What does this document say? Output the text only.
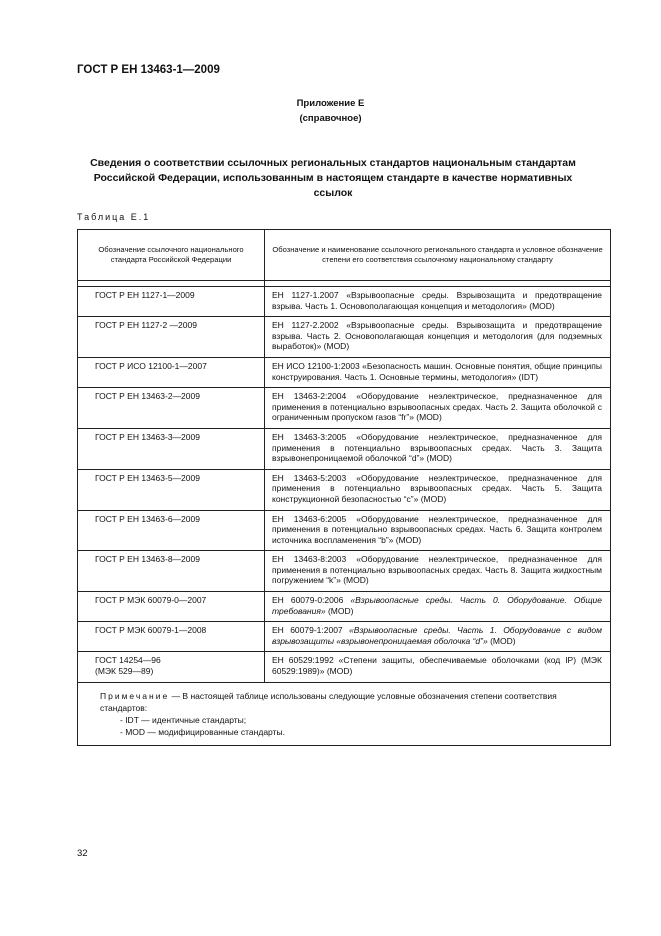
ГОСТ Р ЕН 13463-1—2009
Приложение Е
(справочное)
Сведения о соответствии ссылочных региональных стандартов национальным стандартам Российской Федерации, использованным в настоящем стандарте в качестве нормативных ссылок
Таблица Е.1
Обозначение ссылочного национального стандарта Российской Федерации	Обозначение и наименование ссылочного регионального стандарта и условное обозначение степени его соответствия ссылочному национальному стандарту

ГОСТ Р ЕН 1127-1—2009	ЕН 1127-1.2007 «Взрывоопасные среды. Взрывозащита и предотвращение взрыва. Часть 1. Основополагающая концепция и методология» (MOD)
ГОСТ Р ЕН 1127-2 —2009	ЕН 1127-2.2002 «Взрывоопасные среды. Взрывозащита и предотвращение взрыва. Часть 2. Основополагающая концепция и методология (для подземных выработок)» (MOD)
ГОСТ Р ИСО 12100-1—2007	ЕН ИСО 12100-1:2003 «Безопасность машин. Основные понятия, общие принципы конструирования. Часть 1. Основные термины, методология» (IDT)
ГОСТ Р ЕН 13463-2—2009	ЕН 13463-2:2004 «Оборудование неэлектрическое, предназначенное для применения в потенциально взрывоопасных средах. Часть 2. Защита оболочкой с ограниченным пропуском газов “fr”» (MOD)
ГОСТ Р ЕН 13463-3—2009	ЕН 13463-3:2005 «Оборудование неэлектрическое, предназначенное для применения в потенциально взрывоопасных средах. Часть 3. Защита взрывонепроницаемой оболочкой “d”» (MOD)
ГОСТ Р ЕН 13463-5—2009	ЕН 13463-5:2003 «Оборудование неэлектрическое, предназначенное для применения в потенциально взрывоопасных средах. Часть 5. Защита конструкционной безопасностью “c”» (MOD)
ГОСТ Р ЕН 13463-6—2009	ЕН 13463-6:2005 «Оборудование неэлектрическое, предназначенное для применения в потенциально взрывоопасных средах. Часть 6. Защита контролем источника воспламенения “b”» (MOD)
ГОСТ Р ЕН 13463-8—2009	ЕН 13463-8:2003 «Оборудование неэлектрическое, предназначенное для применения в потенциально взрывоопасных средах. Часть 8. Защита жидкостным погружением “k”» (MOD)
ГОСТ Р МЭК 60079-0—2007	ЕН 60079-0:2006 «Взрывоопасные среды. Часть 0. Оборудование. Общие требования» (MOD)
ГОСТ Р МЭК 60079-1—2008	ЕН 60079-1:2007 «Взрывоопасные среды. Часть 1. Оборудование с видом взрывозащиты «взрывонепроницаемая оболочка “d”» (MOD)

ГОСТ 14254—96
(МЭК 529—89)	ЕН 60529:1992 «Степени защиты, обеспечиваемые оболочками (код IP) (МЭК 60529:1989)» (MOD)

Примечание — В настоящей таблице использованы следующие условные обозначения степени соответствия стандартов:
- IDT — идентичные стандарты;
- MOD — модифицированные стандарты.	
32
